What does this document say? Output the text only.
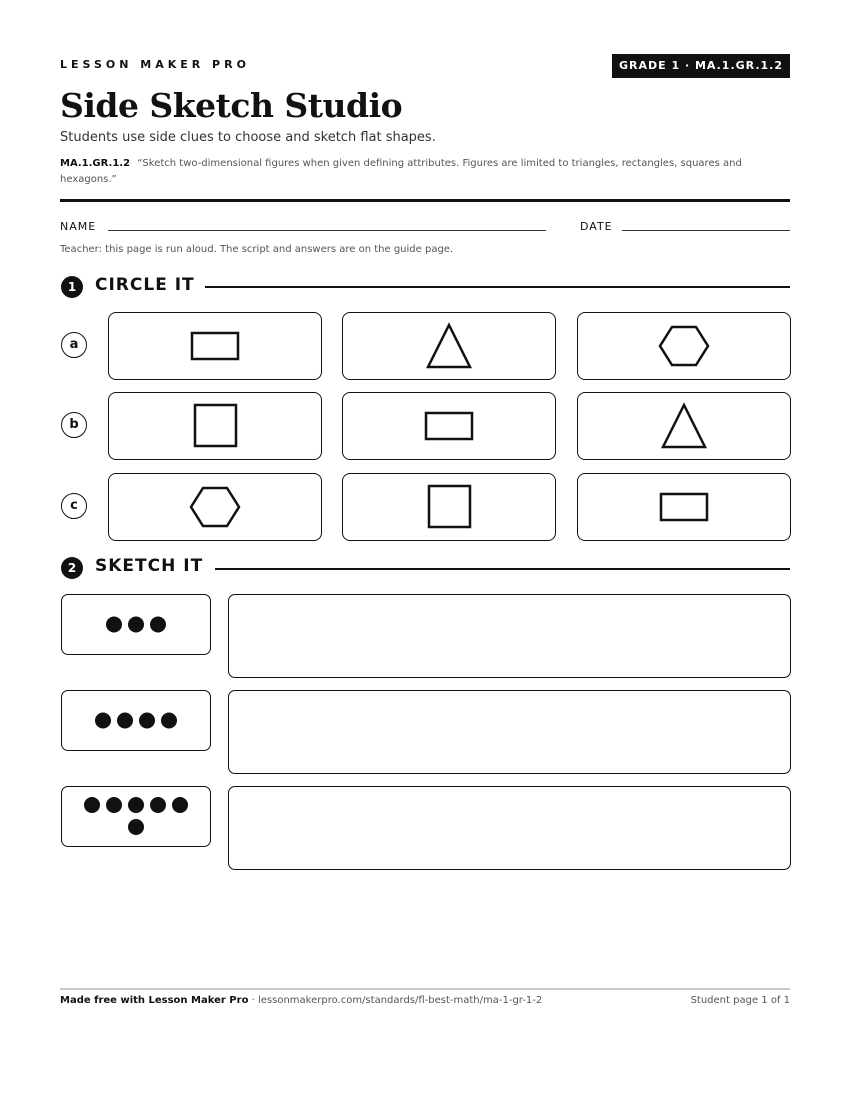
LESSON MAKER PRO	GRADE 1 · MA.1.GR.1.2
Side Sketch Studio
Students use side clues to choose and sketch flat shapes.
MA.1.GR.1.2 “Sketch two-dimensional figures when given defining attributes. Figures are limited to triangles, rectangles, squares and hexagons.”
NAME	DATE
Teacher: this page is run aloud. The script and answers are on the guide page.
1	CIRCLE IT
a
b
c
2	SKETCH IT
Made free with Lesson Maker Pro · lessonmakerpro.com/standards/fl-best-math/ma-1-gr-1-2	Student page 1 of 1
